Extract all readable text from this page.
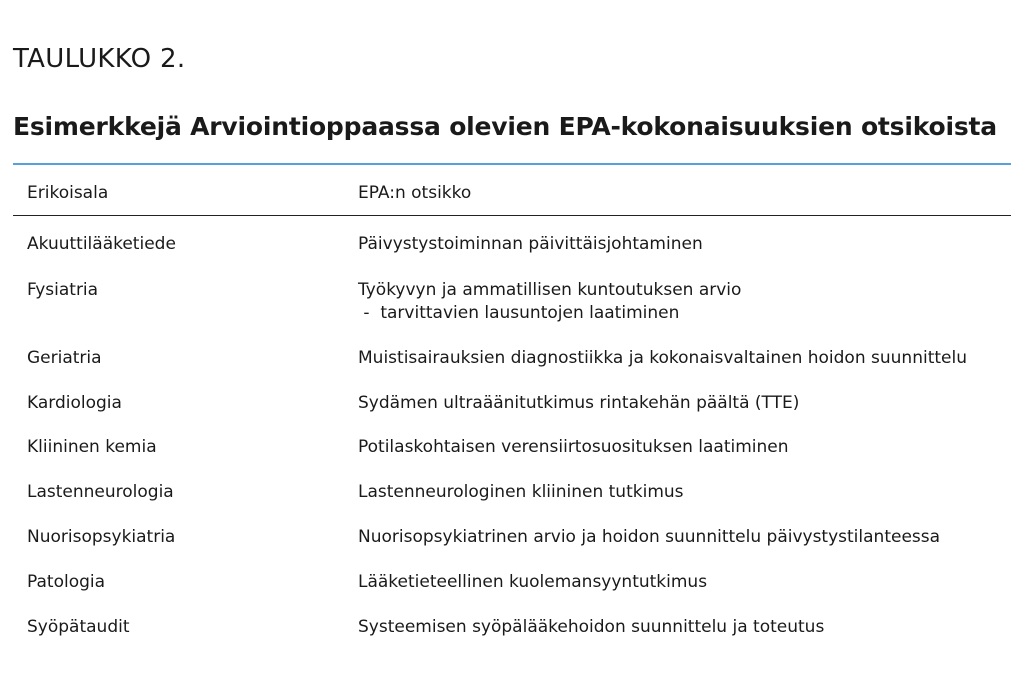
TAULUKKO 2.
Esimerkkejä Arviointioppaassa olevien EPA-kokonaisuuksien otsikoista
Erikoisala	EPA:n otsikko
Akuuttilääketiede	Päivystystoiminnan päivittäisjohtaminen
Fysiatria	Työkyvyn ja ammatillisen kuntoutuksen arvio
-  tarvittavien lausuntojen laatiminen
Geriatria	Muistisairauksien diagnostiikka ja kokonaisvaltainen hoidon suunnittelu
Kardiologia	Sydämen ultraäänitutkimus rintakehän päältä (TTE)
Kliininen kemia	Potilaskohtaisen verensiirtosuosituksen laatiminen
Lastenneurologia	Lastenneurologinen kliininen tutkimus
Nuorisopsykiatria	Nuorisopsykiatrinen arvio ja hoidon suunnittelu päivystystilanteessa
Patologia	Lääketieteellinen kuolemansyyntutkimus
Syöpätaudit	Systeemisen syöpälääkehoidon suunnittelu ja toteutus
